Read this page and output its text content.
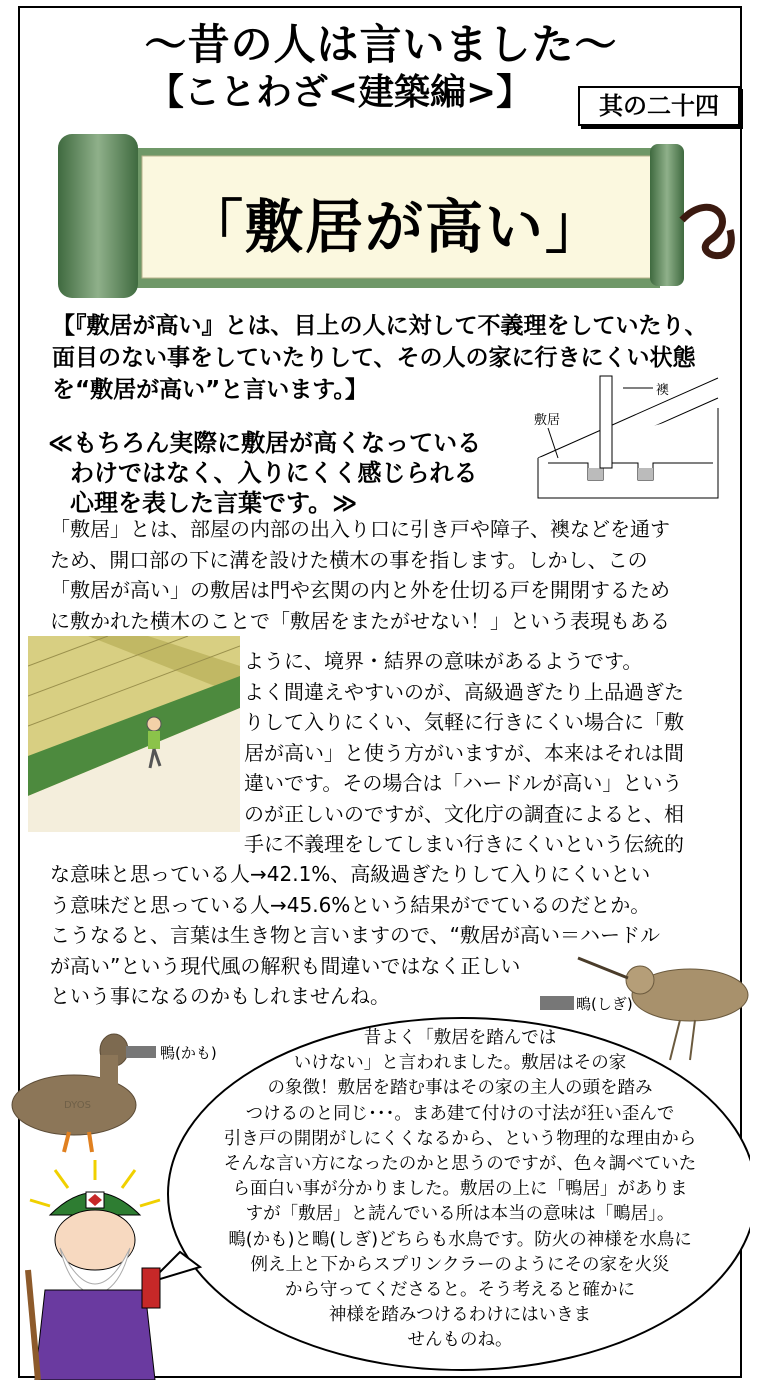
～昔の人は言いました～
【ことわざ<建築編>】	其の二十四
「敷居が高い」
【『敷居が高い』とは、目上の人に対して不義理をしていたり、面目のない事をしていたりして、その人の家に行きにくい状態を“敷居が高い”と言います。】	襖
敷居
≪もちろん実際に敷居が高くなっている
わけではなく、入りにくく感じられる
心理を表した言葉です。≫
「敷居」とは、部屋の内部の出入り口に引き戸や障子、襖などを通す
ため、開口部の下に溝を設けた横木の事を指します。しかし、この
「敷居が高い」の敷居は門や玄関の内と外を仕切る戸を開閉するため
に敷かれた横木のことで「敷居をまたがせない！」という表現もある
ように、境界・結界の意味があるようです。
よく間違えやすいのが、高級過ぎたり上品過ぎた
りして入りにくい、気軽に行きにくい場合に「敷
居が高い」と使う方がいますが、本来はそれは間
違いです。その場合は「ハードルが高い」という
のが正しいのですが、文化庁の調査によると、相
手に不義理をしてしまい行きにくいという伝統的
な意味と思っている人→42.1%、高級過ぎたりして入りにくいとい
う意味だと思っている人→45.6%という結果がでているのだとか。
こうなると、言葉は生き物と言いますので、“敷居が高い＝ハードル
が高い”という現代風の解釈も間違いではなく正しい
という事になるのかもしれませんね。	鴫(しぎ)
DYOS
鴨(かも)
昔よく「敷居を踏んでは
いけない」と言われました。敷居はその家
の象徴！敷居を踏む事はその家の主人の頭を踏み
つけるのと同じ･･･。まあ建て付けの寸法が狂い歪んで
引き戸の開閉がしにくくなるから、という物理的な理由から
そんな言い方になったのかと思うのですが、色々調べていた
ら面白い事が分かりました。敷居の上に「鴨居」がありま
すが「敷居」と読んでいる所は本当の意味は「鴫居」。
鴫(かも)と鴫(しぎ)どちらも水鳥です。防火の神様を水鳥に
例え上と下からスプリンクラーのようにその家を火災
から守ってくださると。そう考えると確かに
神様を踏みつけるわけにはいきま
せんものね。
